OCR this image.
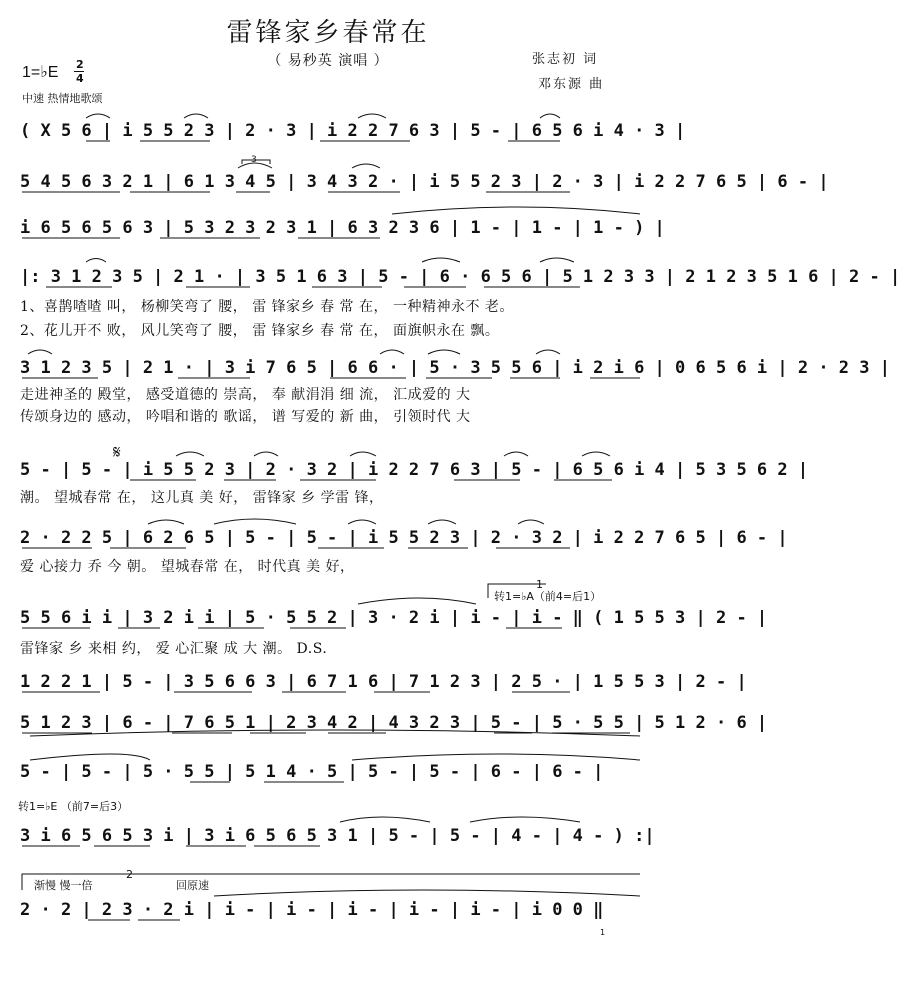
雷锋家乡春常在
（ 易秒英 演唱 ）	张志初 词
邓东源 曲
1=♭E 2
4
中速 热情地歌颂
( X 5 6 | i 5 5 2 3 | 2 · 3 | i 2 2 7 6 3 | 5 - | 6 5 6 i 4 · 3 |
5 4 5 6 3 2 1 | 6 1 3 4 5 | 3 4 3 2 · | i 5 5 2 3 | 2 · 3 | i 2 2 7 6 5 | 6 - |
i 6 5 6 5 6 3 | 5 3 2 3 2 3 1 | 6 3 2 3 6 | 1 - | 1 - | 1 - ) |
|: 3 1 2 3 5 | 2 1 · | 3 5 1 6 3 | 5 - | 6 · 6 5 6 | 5 1 2 3 3 | 2 1 2 3 5 1 6 | 2 - |
1、喜鹊喳喳 叫， 杨柳笑弯了 腰， 雷 锋家乡 春 常 在， 一种精神永不 老。
2、花儿开不 败， 风儿笑弯了 腰， 雷 锋家乡 春 常 在， 面旗帜永在 飘。
3 1 2 3 5 | 2 1 · | 3 i 7 6 5 | 6 6 · | 5 · 3 5 5 6 | i 2 i 6 | 0 6 5 6 i | 2 · 2 3 |
走进神圣的 殿堂， 感受道德的 崇高， 奉 献涓涓 细 流， 汇成爱的 大
传颂身边的 感动， 吟唱和谐的 歌谣， 谱 写爱的 新 曲， 引领时代 大
5 - | 5 - | i 5 5 2 3 | 2 · 3 2 | i 2 2 7 6 3 | 5 - | 6 5 6 i 4 | 5 3 5 6 2 |
𝄋
潮。 望城春常 在， 这儿真 美 好， 雷锋家 乡 学雷 锋，
2 · 2 2 5 | 6 2 6 5 | 5 - | 5 - | i 5 5 2 3 | 2 · 3 2 | i 2 2 7 6 5 | 6 - |
爱 心接力 乔 今 朝。 望城春常 在， 时代真 美 好，
转1=♭A（前4=后1）
1
5 5 6 i i | 3 2 i i | 5 · 5 5 2 | 3 · 2 i | i - | i - ‖ ( 1 5 5 3 | 2 - |
雷锋家 乡 来相 约， 爱 心汇聚 成 大 潮。 D.S.
1 2 2 1 | 5 - | 3 5 6 6 3 | 6 7 1 6 | 7 1 2 3 | 2 5 · | 1 5 5 3 | 2 - |
5 1 2 3 | 6 - | 7 6 5 1 | 2 3 4 2 | 4 3 2 3 | 5 - | 5 · 5 5 | 5 1 2 · 6 |
5 - | 5 - | 5 · 5 5 | 5 1 4 · 5 | 5 - | 5 - | 6 - | 6 - |
转1=♭E （前7=后3）
3 i 6 5 6 5 3 i | 3 i 6 5 6 5 3 1 | 5 - | 5 - | 4 - | 4 - ) :|
渐慢 慢一倍
2
回原速
2 · 2 | 2 3 · 2 i | i - | i - | i - | i - | i - | i 0 0 ‖
1
3
